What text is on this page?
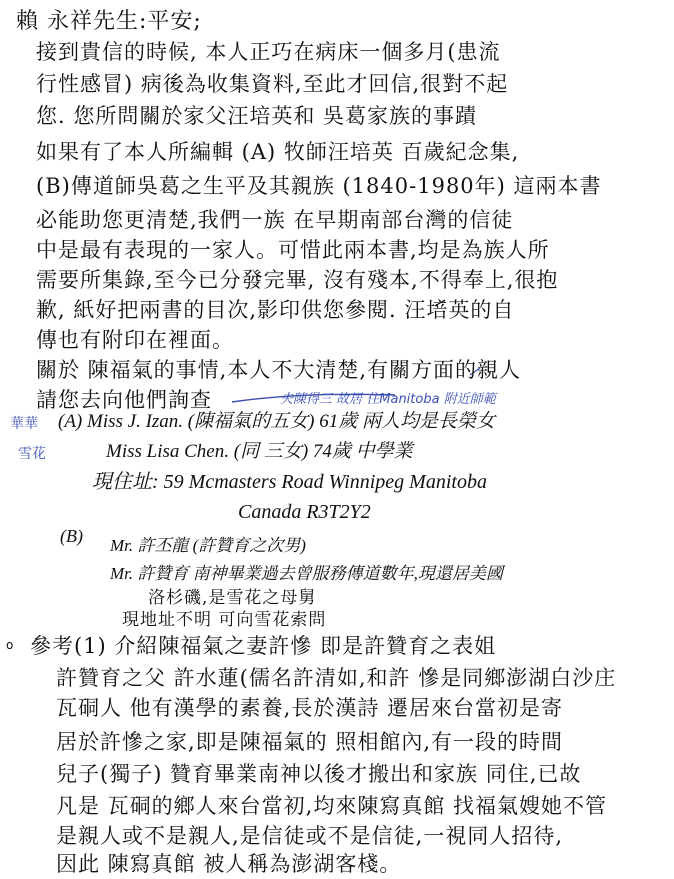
賴 永祥先生:平安;
接到貴信的時候, 本人正巧在病床一個多月(患流
行性感冒) 病後為收集資料,至此才回信,很對不起
您. 您所問關於家父汪培英和 吳葛家族的事蹟
如果有了本人所編輯 (A) 牧師汪培英 百歲紀念集,
(B)傳道師吳葛之生平及其親族 (1840-1980年) 這兩本書
必能助您更清楚,我們一族 在早期南部台灣的信徒
中是最有表現的一家人。可惜此兩本書,均是為族人所
需要所集錄,至今已分發完畢, 沒有殘本,不得奉上,很抱
歉, 紙好把兩書的目次,影印供您參閱. 汪培英的自
傳也有附印在裡面。
關於 陳福氣的事情,本人不大清楚,有關方面的親人
請您去向他們詢查	夫陳得三 故居 住Manitoba 附近師範
華華
雪花
(A) Miss J. Izan. (陳福氣的五女) 61歲 兩人均是長榮女
Miss Lisa Chen. (同 三女) 74歲 中學業
現住址: 59 Mcmasters Road Winnipeg Manitoba
Canada R3T2Y2
(B) Mr. 許丕龍 (許贊育之次男)
Mr. 許贊育 南神畢業過去曾服務傳道數年,現還居美國
洛杉磯,是雪花之母舅
現地址不明 可向雪花索問
o 參考(1) 介紹陳福氣之妻許慘 即是許贊育之表姐
許贊育之父 許水蓮(儒名許清如,和許 慘是同鄉澎湖白沙庄
瓦硐人 他有漢學的素養,長於漢詩 遷居來台當初是寄
居於許慘之家,即是陳福氣的 照相館內,有一段的時間
兒子(獨子) 贊育畢業南神以後才搬出和家族 同住,已故
凡是 瓦硐的鄉人來台當初,均來陳寫真館 找福氣嫂她不管
是親人或不是親人,是信徒或不是信徒,一視同人招待,
因此 陳寫真館 被人稱為澎湖客棧。
